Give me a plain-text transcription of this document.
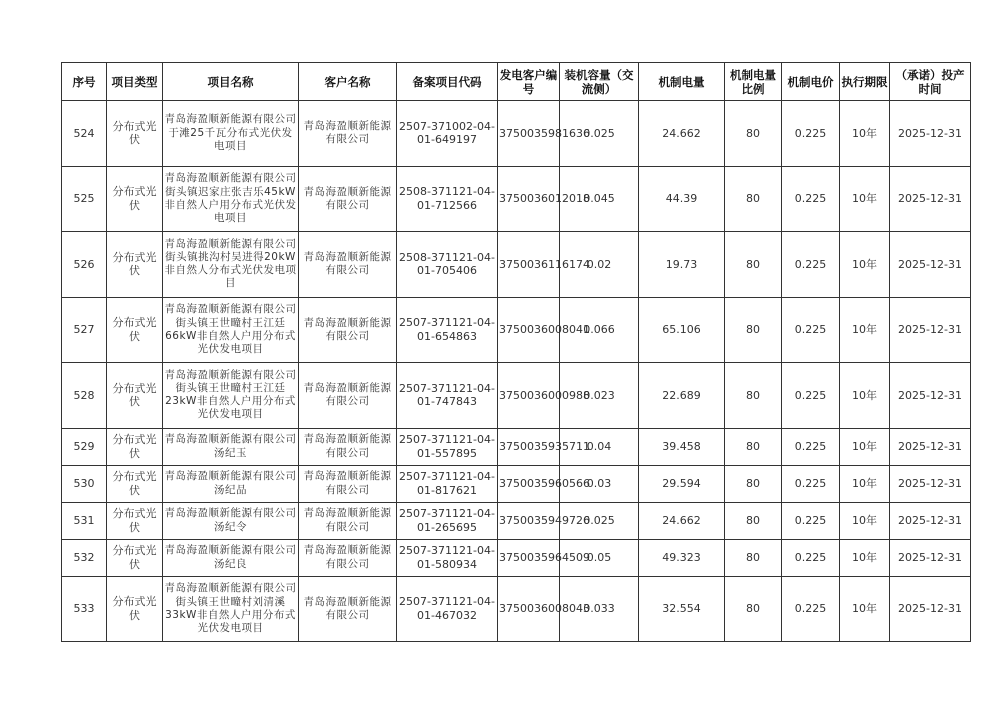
序号	项目类型	项目名称	客户名称	备案项目代码	发电客户编号	装机容量（交流侧）	机制电量	机制电量比例	机制电价	执行期限	（承诺）投产时间
524	分布式光伏	青岛海盈顺新能源有限公司于滩25千瓦分布式光伏发电项目	青岛海盈顺新能源有限公司	2507-371002-04-01-649197	3750035981636	0.025	24.662	80	0.225	10年	2025-12-31
525	分布式光伏	青岛海盈顺新能源有限公司街头镇迟家庄张吉乐45kW非自然人户用分布式光伏发电项目	青岛海盈顺新能源有限公司	2508-371121-04-01-712566	3750036012018	0.045	44.39	80	0.225	10年	2025-12-31
526	分布式光伏	青岛海盈顺新能源有限公司街头镇挑沟村吴进得20kW非自然人分布式光伏发电项目	青岛海盈顺新能源有限公司	2508-371121-04-01-705406	3750036116174	0.02	19.73	80	0.225	10年	2025-12-31
527	分布式光伏	青岛海盈顺新能源有限公司街头镇王世疃村王江廷66kW非自然人户用分布式光伏发电项目	青岛海盈顺新能源有限公司	2507-371121-04-01-654863	3750036008041	0.066	65.106	80	0.225	10年	2025-12-31
528	分布式光伏	青岛海盈顺新能源有限公司街头镇王世疃村王江廷23kW非自然人户用分布式光伏发电项目	青岛海盈顺新能源有限公司	2507-371121-04-01-747843	3750036000988	0.023	22.689	80	0.225	10年	2025-12-31
529	分布式光伏	青岛海盈顺新能源有限公司汤纪玉	青岛海盈顺新能源有限公司	2507-371121-04-01-557895	3750035935711	0.04	39.458	80	0.225	10年	2025-12-31
530	分布式光伏	青岛海盈顺新能源有限公司汤纪品	青岛海盈顺新能源有限公司	2507-371121-04-01-817621	3750035960566	0.03	29.594	80	0.225	10年	2025-12-31
531	分布式光伏	青岛海盈顺新能源有限公司汤纪令	青岛海盈顺新能源有限公司	2507-371121-04-01-265695	3750035949726	0.025	24.662	80	0.225	10年	2025-12-31
532	分布式光伏	青岛海盈顺新能源有限公司汤纪良	青岛海盈顺新能源有限公司	2507-371121-04-01-580934	3750035964509	0.05	49.323	80	0.225	10年	2025-12-31
533	分布式光伏	青岛海盈顺新能源有限公司街头镇王世疃村刘清溪33kW非自然人户用分布式光伏发电项目	青岛海盈顺新能源有限公司	2507-371121-04-01-467032	3750036008043	0.033	32.554	80	0.225	10年	2025-12-31
